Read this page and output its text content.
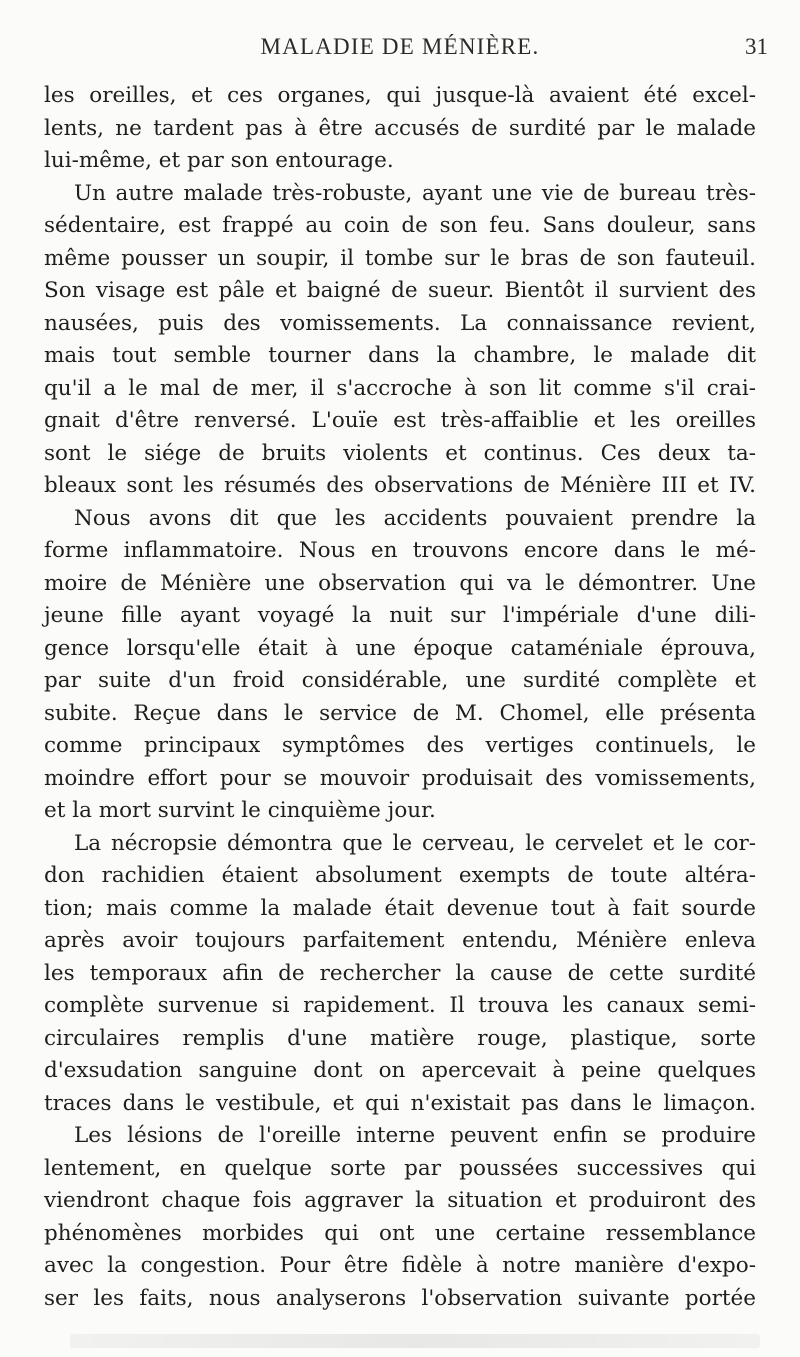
MALADIE DE MÉNIÈRE.	31
les oreilles, et ces organes, qui jusque-là avaient été excel-
lents, ne tardent pas à être accusés de surdité par le malade
lui-même, et par son entourage.
Un autre malade très-robuste, ayant une vie de bureau très-
sédentaire, est frappé au coin de son feu. Sans douleur, sans
même pousser un soupir, il tombe sur le bras de son fauteuil.
Son visage est pâle et baigné de sueur. Bientôt il survient des
nausées, puis des vomissements. La connaissance revient,
mais tout semble tourner dans la chambre, le malade dit
qu'il a le mal de mer, il s'accroche à son lit comme s'il crai-
gnait d'être renversé. L'ouïe est très-affaiblie et les oreilles
sont le siége de bruits violents et continus. Ces deux ta-
bleaux sont les résumés des observations de Ménière III et IV.
Nous avons dit que les accidents pouvaient prendre la
forme inflammatoire. Nous en trouvons encore dans le mé-
moire de Ménière une observation qui va le démontrer. Une
jeune fille ayant voyagé la nuit sur l'impériale d'une dili-
gence lorsqu'elle était à une époque cataméniale éprouva,
par suite d'un froid considérable, une surdité complète et
subite. Reçue dans le service de M. Chomel, elle présenta
comme principaux symptômes des vertiges continuels, le
moindre effort pour se mouvoir produisait des vomissements,
et la mort survint le cinquième jour.
La nécropsie démontra que le cerveau, le cervelet et le cor-
don rachidien étaient absolument exempts de toute altéra-
tion; mais comme la malade était devenue tout à fait sourde
après avoir toujours parfaitement entendu, Ménière enleva
les temporaux afin de rechercher la cause de cette surdité
complète survenue si rapidement. Il trouva les canaux semi-
circulaires remplis d'une matière rouge, plastique, sorte
d'exsudation sanguine dont on apercevait à peine quelques
traces dans le vestibule, et qui n'existait pas dans le limaçon.
Les lésions de l'oreille interne peuvent enfin se produire
lentement, en quelque sorte par poussées successives qui
viendront chaque fois aggraver la situation et produiront des
phénomènes morbides qui ont une certaine ressemblance
avec la congestion. Pour être fidèle à notre manière d'expo-
ser les faits, nous analyserons l'observation suivante portée
